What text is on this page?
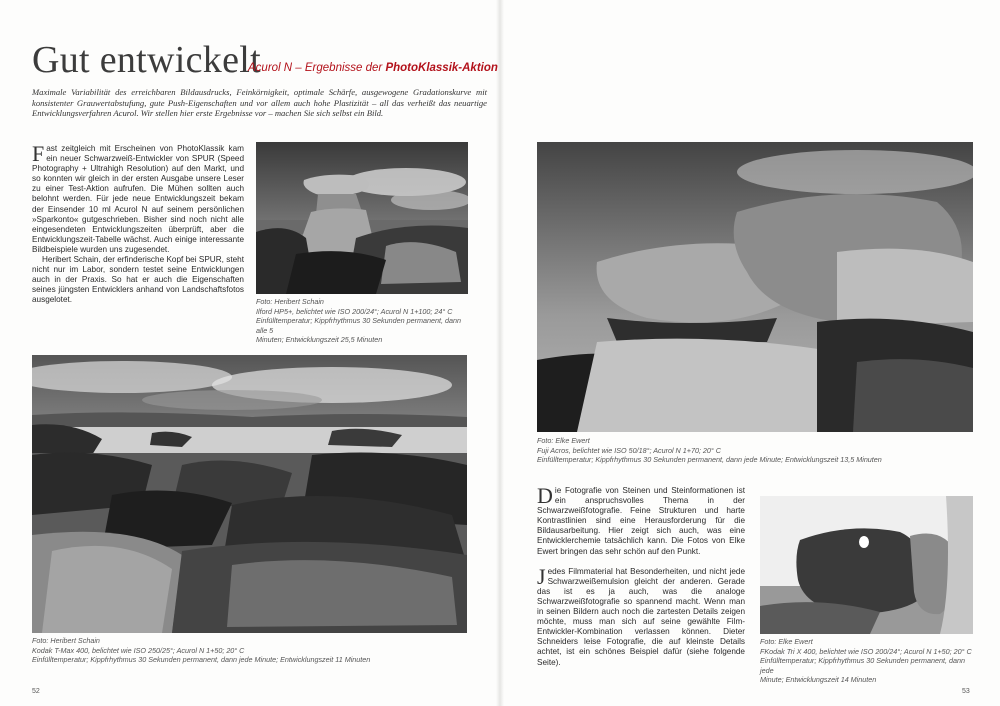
Gut entwickelt
Acurol N – Ergebnisse der PhotoKlassik-Aktion
Maximale Variabilität des erreichbaren Bildausdrucks, Feinkörnigkeit, optimale Schärfe, ausgewogene Gradationskurve mit konsistenter Grauwertabstufung, gute Push-Eigenschaften und vor allem auch hohe Plastizität – all das verheißt das neuartige Entwicklungsverfahren Acurol. Wir stellen hier erste Ergebnisse vor – machen Sie sich selbst ein Bild.

Fast zeitgleich mit Erscheinen von PhotoKlassik kam ein neuer Schwarzweiß-Entwickler von SPUR (Speed Photography + Ultrahigh Resolution) auf den Markt, und so konnten wir gleich in der ersten Ausgabe unsere Leser zu einer Test-Aktion aufrufen. Die Mühen sollten auch belohnt werden. Für jede neue Entwicklungszeit bekam der Einsender 10 ml Acurol N auf seinem persönlichen »Sparkonto« gutgeschrieben. Bisher sind noch nicht alle eingesendeten Entwicklungszeiten überprüft, aber die Entwicklungszeit-Tabelle wächst. Auch einige interessante Bildbeispiele wurden uns zugesendet.

Heribert Schain, der erfinderische Kopf bei SPUR, steht nicht nur im Labor, sondern testet seine Entwicklungen auch in der Praxis. So hat er auch die Eigenschaften seines jüngsten Entwicklers anhand von Landschaftsfotos ausgelotet.	Foto: Heribert Schain
Ilford HP5+, belichtet wie ISO 200/24°; Acurol N 1+100; 24° C
Einfülltemperatur; Kippfrhythmus 30 Sekunden permanent, dann alle 5
Minuten; Entwicklungszeit 25,5 Minuten
Foto: Heribert Schain
Kodak T-Max 400, belichtet wie ISO 250/25°; Acurol N 1+50; 20° C
Einfülltemperatur; Kippfrhythmus 30 Sekunden permanent, dann jede Minute; Entwicklungszeit 11 Minuten
Foto: Elke Ewert
Fuji Acros, belichtet wie ISO 50/18°; Acurol N 1+70; 20° C
Einfülltemperatur; Kippfrhythmus 30 Sekunden permanent, dann jede Minute; Entwicklungszeit 13,5 Minuten

Die Fotografie von Steinen und Steinformationen ist ein anspruchsvolles Thema in der Schwarzweißfotografie. Feine Strukturen und harte Kontrastlinien sind eine Herausforderung für die Bildausarbeitung. Hier zeigt sich auch, was eine Entwicklerchemie tatsächlich kann. Die Fotos von Elke Ewert bringen das sehr schön auf den Punkt.

Jedes Filmmaterial hat Besonderheiten, und nicht jede Schwarzweißemulsion gleicht der anderen. Gerade das ist es ja auch, was die analoge Schwarzweißfotografie so spannend macht. Wenn man in seinen Bildern auch noch die zartesten Details zeigen möchte, muss man sich auf seine gewählte Film-Entwickler-Kombination verlassen können. Dieter Schneiders leise Fotografie, die auf kleinste Details achtet, ist ein schönes Beispiel dafür (siehe folgende Seite).

Foto: Elke Ewert
FKodak Tri X 400, belichtet wie ISO 200/24°; Acurol N 1+50; 20° C
Einfülltemperatur; Kippfrhythmus 30 Sekunden permanent, dann jede
Minute; Entwicklungszeit 14 Minuten
52	53
